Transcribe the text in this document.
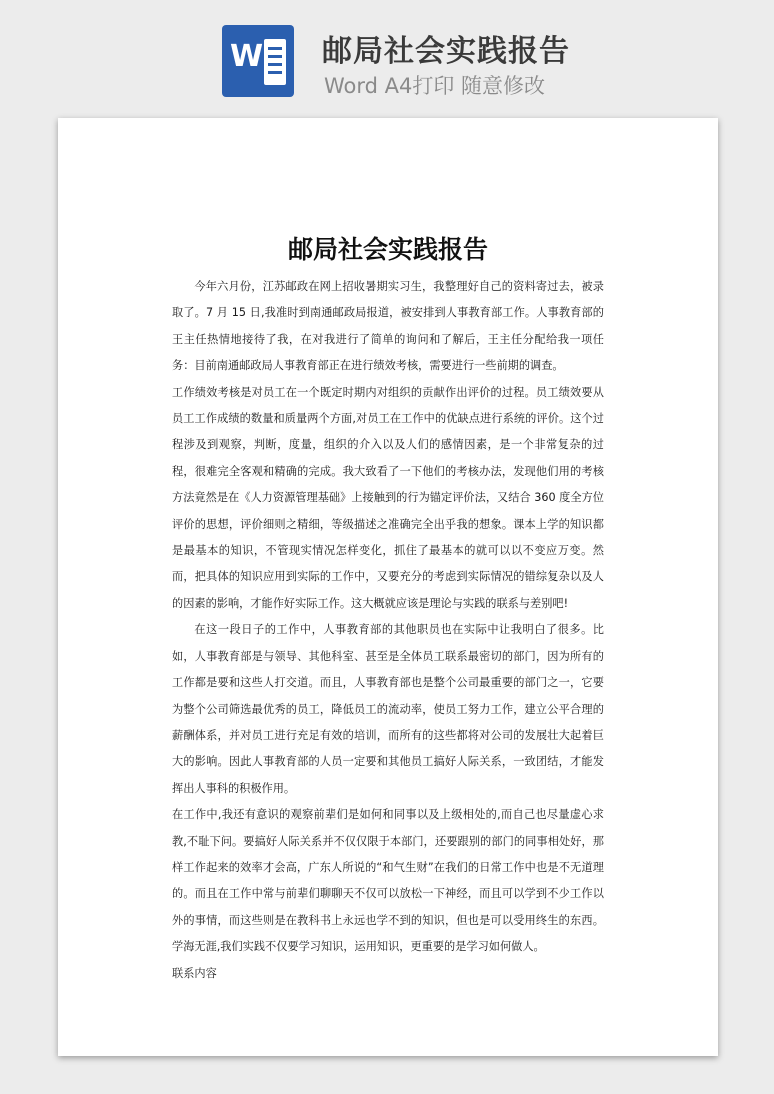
W 邮局社会实践报告
Word A4打印 随意修改
邮局社会实践报告

今年六月份，江苏邮政在网上招收暑期实习生，我整理好自己的资料寄过去，被录取了。7 月 15 日,我准时到南通邮政局报道，被安排到人事教育部工作。人事教育部的王主任热情地接待了我，在对我进行了简单的询问和了解后，王主任分配给我一项任务：目前南通邮政局人事教育部正在进行绩效考核，需要进行一些前期的调查。

工作绩效考核是对员工在一个既定时期内对组织的贡献作出评价的过程。员工绩效要从员工工作成绩的数量和质量两个方面,对员工在工作中的优缺点进行系统的评价。这个过程涉及到观察，判断，度量，组织的介入以及人们的感情因素，是一个非常复杂的过程，很难完全客观和精确的完成。我大致看了一下他们的考核办法，发现他们用的考核方法竟然是在《人力资源管理基础》上接触到的行为锚定评价法，又结合 360 度全方位评价的思想，评价细则之精细，等级描述之准确完全出乎我的想象。课本上学的知识都是最基本的知识，不管现实情况怎样变化，抓住了最基本的就可以以不变应万变。然而，把具体的知识应用到实际的工作中，又要充分的考虑到实际情况的错综复杂以及人的因素的影响，才能作好实际工作。这大概就应该是理论与实践的联系与差别吧!

在这一段日子的工作中，人事教育部的其他职员也在实际中让我明白了很多。比如，人事教育部是与领导、其他科室、甚至是全体员工联系最密切的部门，因为所有的工作都是要和这些人打交道。而且，人事教育部也是整个公司最重要的部门之一，它要为整个公司筛选最优秀的员工，降低员工的流动率，使员工努力工作，建立公平合理的薪酬体系，并对员工进行充足有效的培训，而所有的这些都将对公司的发展壮大起着巨大的影响。因此人事教育部的人员一定要和其他员工搞好人际关系，一致团结，才能发挥出人事科的积极作用。

在工作中,我还有意识的观察前辈们是如何和同事以及上级相处的,而自己也尽量虚心求教,不耻下问。要搞好人际关系并不仅仅限于本部门，还要跟别的部门的同事相处好，那样工作起来的效率才会高，广东人所说的“和气生财”在我们的日常工作中也是不无道理的。而且在工作中常与前辈们聊聊天不仅可以放松一下神经，而且可以学到不少工作以外的事情，而这些则是在教科书上永远也学不到的知识，但也是可以受用终生的东西。学海无涯,我们实践不仅要学习知识，运用知识，更重要的是学习如何做人。

联系内容
